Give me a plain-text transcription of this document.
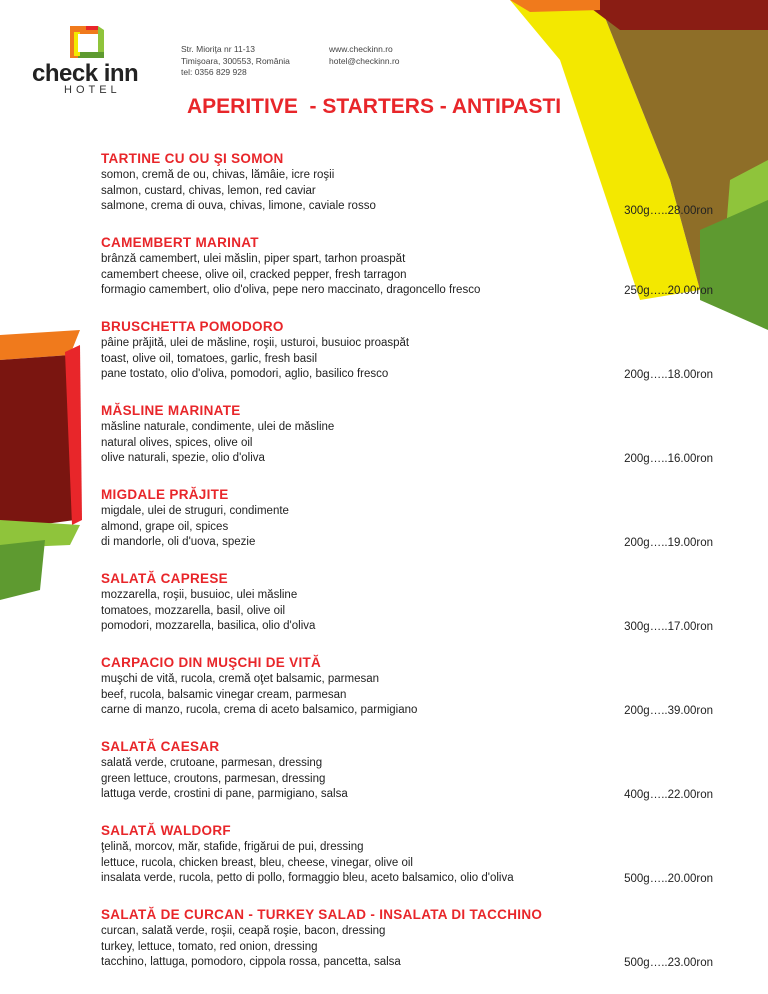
check inn
HOTEL
Str. Mioriţa nr 11-13
Timişoara, 300553, România
tel: 0356 829 928
www.checkinn.ro
hotel@checkinn.ro
APERITIVE  - STARTERS - ANTIPASTI
TARTINE CU OU ŞI SOMON
somon, cremă de ou, chivas, lămâie, icre roşii
salmon, custard, chivas, lemon, red caviar
salmone, crema di ouva, chivas, limone, caviale rosso	300g…..28.00ron
CAMEMBERT MARINAT
brânză camembert, ulei măslin, piper spart, tarhon proaspăt
camembert cheese, olive oil, cracked pepper, fresh tarragon
formagio camembert, olio d'oliva, pepe nero maccinato, dragoncello fresco	250g…..20.00ron
BRUSCHETTA POMODORO
pâine prăjită, ulei de măsline, roşii, usturoi, busuioc proaspăt
toast, olive oil, tomatoes, garlic, fresh basil
pane tostato, olio d'oliva, pomodori, aglio, basilico fresco	200g…..18.00ron
MĂSLINE MARINATE
măsline naturale, condimente, ulei de măsline
natural olives, spices, olive oil
olive naturali, spezie, olio d'oliva	200g…..16.00ron
MIGDALE PRĂJITE
migdale, ulei de struguri, condimente
almond, grape oil, spices
di mandorle, oli d'uova, spezie	200g…..19.00ron
SALATĂ CAPRESE
mozzarella, roşii, busuioc, ulei măsline
tomatoes, mozzarella, basil, olive oil
pomodori, mozzarella, basilica, olio d'oliva	300g…..17.00ron
CARPACIO DIN MUŞCHI DE VITĂ
muşchi de vită, rucola, cremă oţet balsamic, parmesan
beef, rucola, balsamic vinegar cream, parmesan
carne di manzo, rucola, crema di aceto balsamico, parmigiano	200g…..39.00ron
SALATĂ CAESAR
salată verde, crutoane, parmesan, dressing
green lettuce, croutons, parmesan, dressing
lattuga verde, crostini di pane, parmigiano, salsa	400g…..22.00ron
SALATĂ WALDORF
ţelină, morcov, măr, stafide, frigărui de pui, dressing
lettuce, rucola, chicken breast, bleu, cheese, vinegar, olive oil
insalata verde, rucola, petto di pollo, formaggio bleu, aceto balsamico, olio d'oliva	500g…..20.00ron
SALATĂ DE CURCAN - TURKEY SALAD - INSALATA DI TACCHINO
curcan, salată verde, roşii, ceapă roşie, bacon, dressing
turkey, lettuce, tomato, red onion, dressing
tacchino, lattuga, pomodoro, cippola rossa, pancetta, salsa	500g…..23.00ron
